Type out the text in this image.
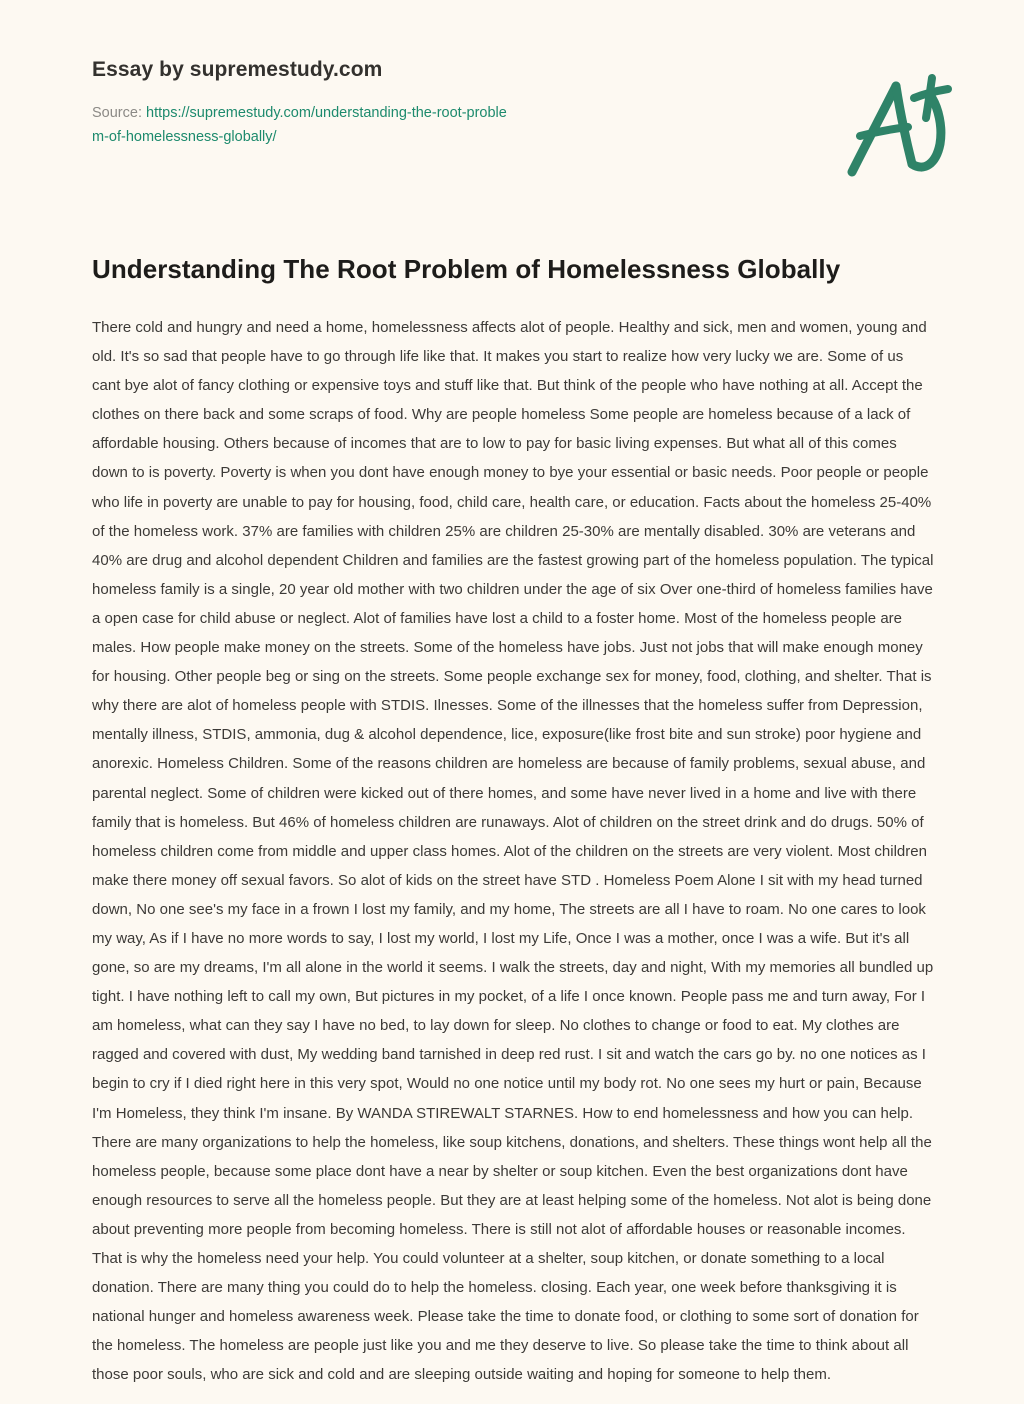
Essay by supremestudy.com
Source: https://supremestudy.com/understanding-the-root-problem-of-homelessness-globally/
Understanding The Root Problem of Homelessness Globally

There cold and hungry and need a home, homelessness affects alot of people. Healthy and sick, men and women, young and old. It's so sad that people have to go through life like that. It makes you start to realize how very lucky we are. Some of us cant bye alot of fancy clothing or expensive toys and stuff like that. But think of the people who have nothing at all. Accept the clothes on there back and some scraps of food. Why are people homeless Some people are homeless because of a lack of affordable housing. Others because of incomes that are to low to pay for basic living expenses. But what all of this comes down to is poverty. Poverty is when you dont have enough money to bye your essential or basic needs. Poor people or people who life in poverty are unable to pay for housing, food, child care, health care, or education. Facts about the homeless 25-40% of the homeless work. 37% are families with children 25% are children 25-30% are mentally disabled. 30% are veterans and 40% are drug and alcohol dependent Children and families are the fastest growing part of the homeless population. The typical homeless family is a single, 20 year old mother with two children under the age of six Over one-third of homeless families have a open case for child abuse or neglect. Alot of families have lost a child to a foster home. Most of the homeless people are males. How people make money on the streets. Some of the homeless have jobs. Just not jobs that will make enough money for housing. Other people beg or sing on the streets. Some people exchange sex for money, food, clothing, and shelter. That is why there are alot of homeless people with STDIS. Ilnesses. Some of the illnesses that the homeless suffer from Depression, mentally illness, STDIS, ammonia, dug & alcohol dependence, lice, exposure(like frost bite and sun stroke) poor hygiene and anorexic. Homeless Children. Some of the reasons children are homeless are because of family problems, sexual abuse, and parental neglect. Some of children were kicked out of there homes, and some have never lived in a home and live with there family that is homeless. But 46% of homeless children are runaways. Alot of children on the street drink and do drugs. 50% of homeless children come from middle and upper class homes. Alot of the children on the streets are very violent. Most children make there money off sexual favors. So alot of kids on the street have STD . Homeless Poem Alone I sit with my head turned down, No one see's my face in a frown I lost my family, and my home, The streets are all I have to roam. No one cares to look my way, As if I have no more words to say, I lost my world, I lost my Life, Once I was a mother, once I was a wife. But it's all gone, so are my dreams, I'm all alone in the world it seems. I walk the streets, day and night, With my memories all bundled up tight. I have nothing left to call my own, But pictures in my pocket, of a life I once known. People pass me and turn away, For I am homeless, what can they say I have no bed, to lay down for sleep. No clothes to change or food to eat. My clothes are ragged and covered with dust, My wedding band tarnished in deep red rust. I sit and watch the cars go by. no one notices as I begin to cry if I died right here in this very spot, Would no one notice until my body rot. No one sees my hurt or pain, Because I'm Homeless, they think I'm insane. By WANDA STIREWALT STARNES. How to end homelessness and how you can help. There are many organizations to help the homeless, like soup kitchens, donations, and shelters. These things wont help all the homeless people, because some place dont have a near by shelter or soup kitchen. Even the best organizations dont have enough resources to serve all the homeless people. But they are at least helping some of the homeless. Not alot is being done about preventing more people from becoming homeless. There is still not alot of affordable houses or reasonable incomes. That is why the homeless need your help. You could volunteer at a shelter, soup kitchen, or donate something to a local donation. There are many thing you could do to help the homeless. closing. Each year, one week before thanksgiving it is national hunger and homeless awareness week. Please take the time to donate food, or clothing to some sort of donation for the homeless. The homeless are people just like you and me they deserve to live. So please take the time to think about all those poor souls, who are sick and cold and are sleeping outside waiting and hoping for someone to help them.
